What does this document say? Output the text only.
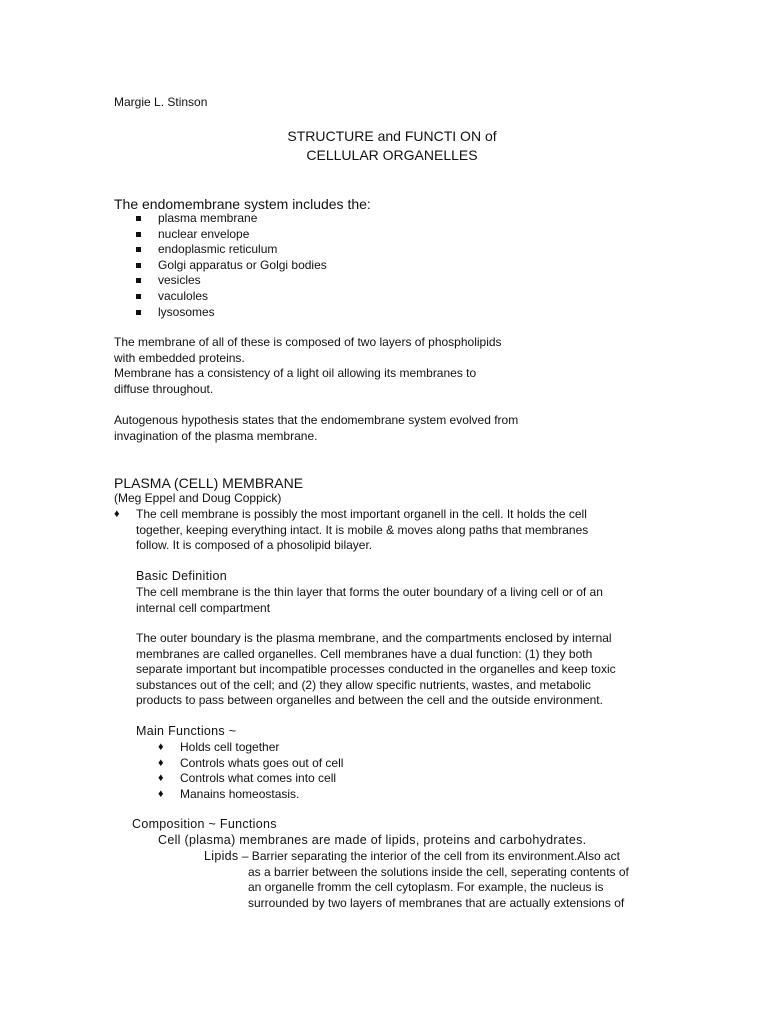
Margie L. Stinson
STRUCTURE and FUNCTI ON of
CELLULAR ORGANELLES
The endomembrane system includes the:
plasma membrane
nuclear envelope
endoplasmic reticulum
Golgi apparatus or Golgi bodies
vesicles
vaculoles
lysosomes

The membrane of all of these is composed of two layers of phospholipids

with embedded proteins.

Membrane has a consistency of a light oil allowing its membranes to

diffuse throughout.

Autogenous hypothesis states that the endomembrane system evolved from

invagination of the plasma membrane.

PLASMA (CELL) MEMBRANE
(Meg Eppel and Doug Coppick)
♦ The cell membrane is possibly the most important organell in the cell. It holds the cell

together, keeping everything intact. It is mobile & moves along paths that membranes

follow. It is composed of a phosolipid bilayer.

Basic Definition

The cell membrane is the thin layer that forms the outer boundary of a living cell or of an

internal cell compartment

The outer boundary is the plasma membrane, and the compartments enclosed by internal

membranes are called organelles. Cell membranes have a dual function: (1) they both

separate important but incompatible processes conducted in the organelles and keep toxic

substances out of the cell; and (2) they allow specific nutrients, wastes, and metabolic

products to pass between organelles and between the cell and the outside environment.

Main Functions ~
♦ Holds cell together
♦ Controls whats goes out of cell
♦ Controls what comes into cell
♦ Manains homeostasis.
Composition ~ Functions
Cell (plasma) membranes are made of lipids, proteins and carbohydrates.

Lipids – Barrier separating the interior of the cell from its environment.Also act

as a barrier between the solutions inside the cell, seperating contents of

an organelle fromm the cell cytoplasm. For example, the nucleus is

surrounded by two layers of membranes that are actually extensions of
